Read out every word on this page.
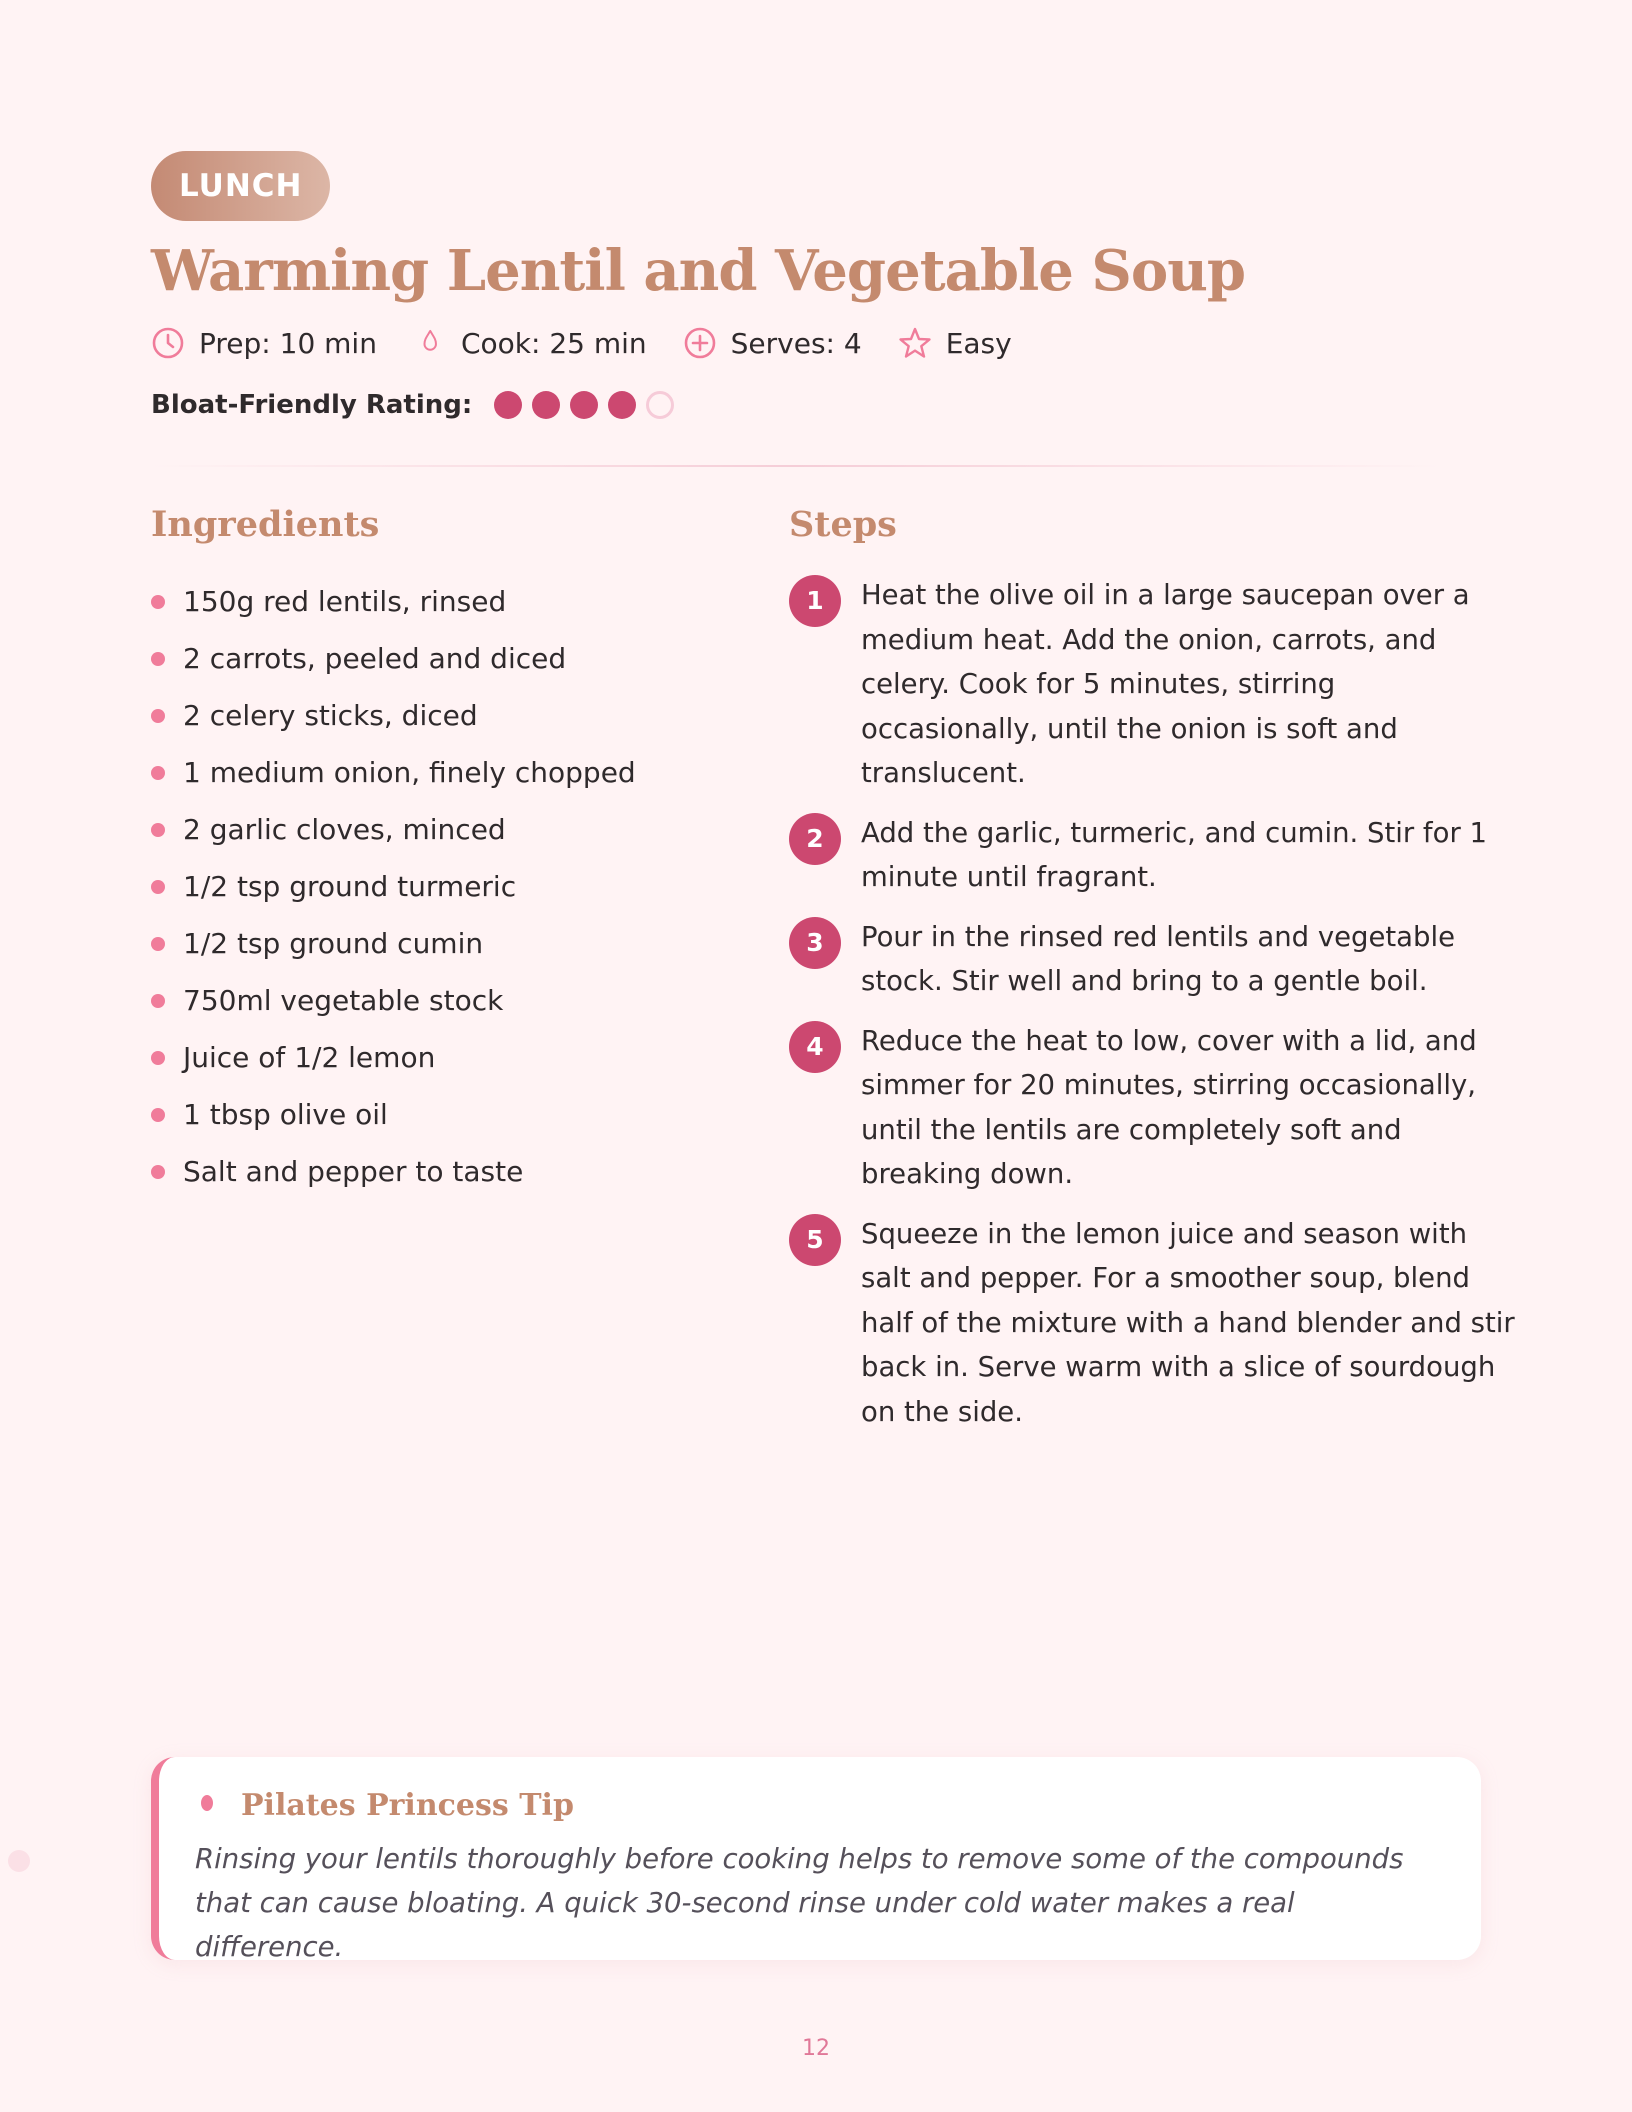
LUNCH
Warming Lentil and Vegetable Soup
Prep: 10 min	Cook: 25 min	Serves: 4	Easy
Bloat-Friendly Rating:
Ingredients
150g red lentils, rinsed
2 carrots, peeled and diced
2 celery sticks, diced
1 medium onion, finely chopped
2 garlic cloves, minced
1/2 tsp ground turmeric
1/2 tsp ground cumin
750ml vegetable stock
Juice of 1/2 lemon
1 tbsp olive oil
Salt and pepper to taste
Steps
1	Heat the olive oil in a large saucepan over a medium heat. Add the onion, carrots, and celery. Cook for 5 minutes, stirring occasionally, until the onion is soft and translucent.
2	Add the garlic, turmeric, and cumin. Stir for 1 minute until fragrant.
3	Pour in the rinsed red lentils and vegetable stock. Stir well and bring to a gentle boil.
4	Reduce the heat to low, cover with a lid, and simmer for 20 minutes, stirring occasionally, until the lentils are completely soft and breaking down.
5	Squeeze in the lemon juice and season with salt and pepper. For a smoother soup, blend half of the mixture with a hand blender and stir back in. Serve warm with a slice of sourdough on the side.
Pilates Princess Tip
Rinsing your lentils thoroughly before cooking helps to remove some of the compounds that can cause bloating. A quick 30-second rinse under cold water makes a real difference.
12
